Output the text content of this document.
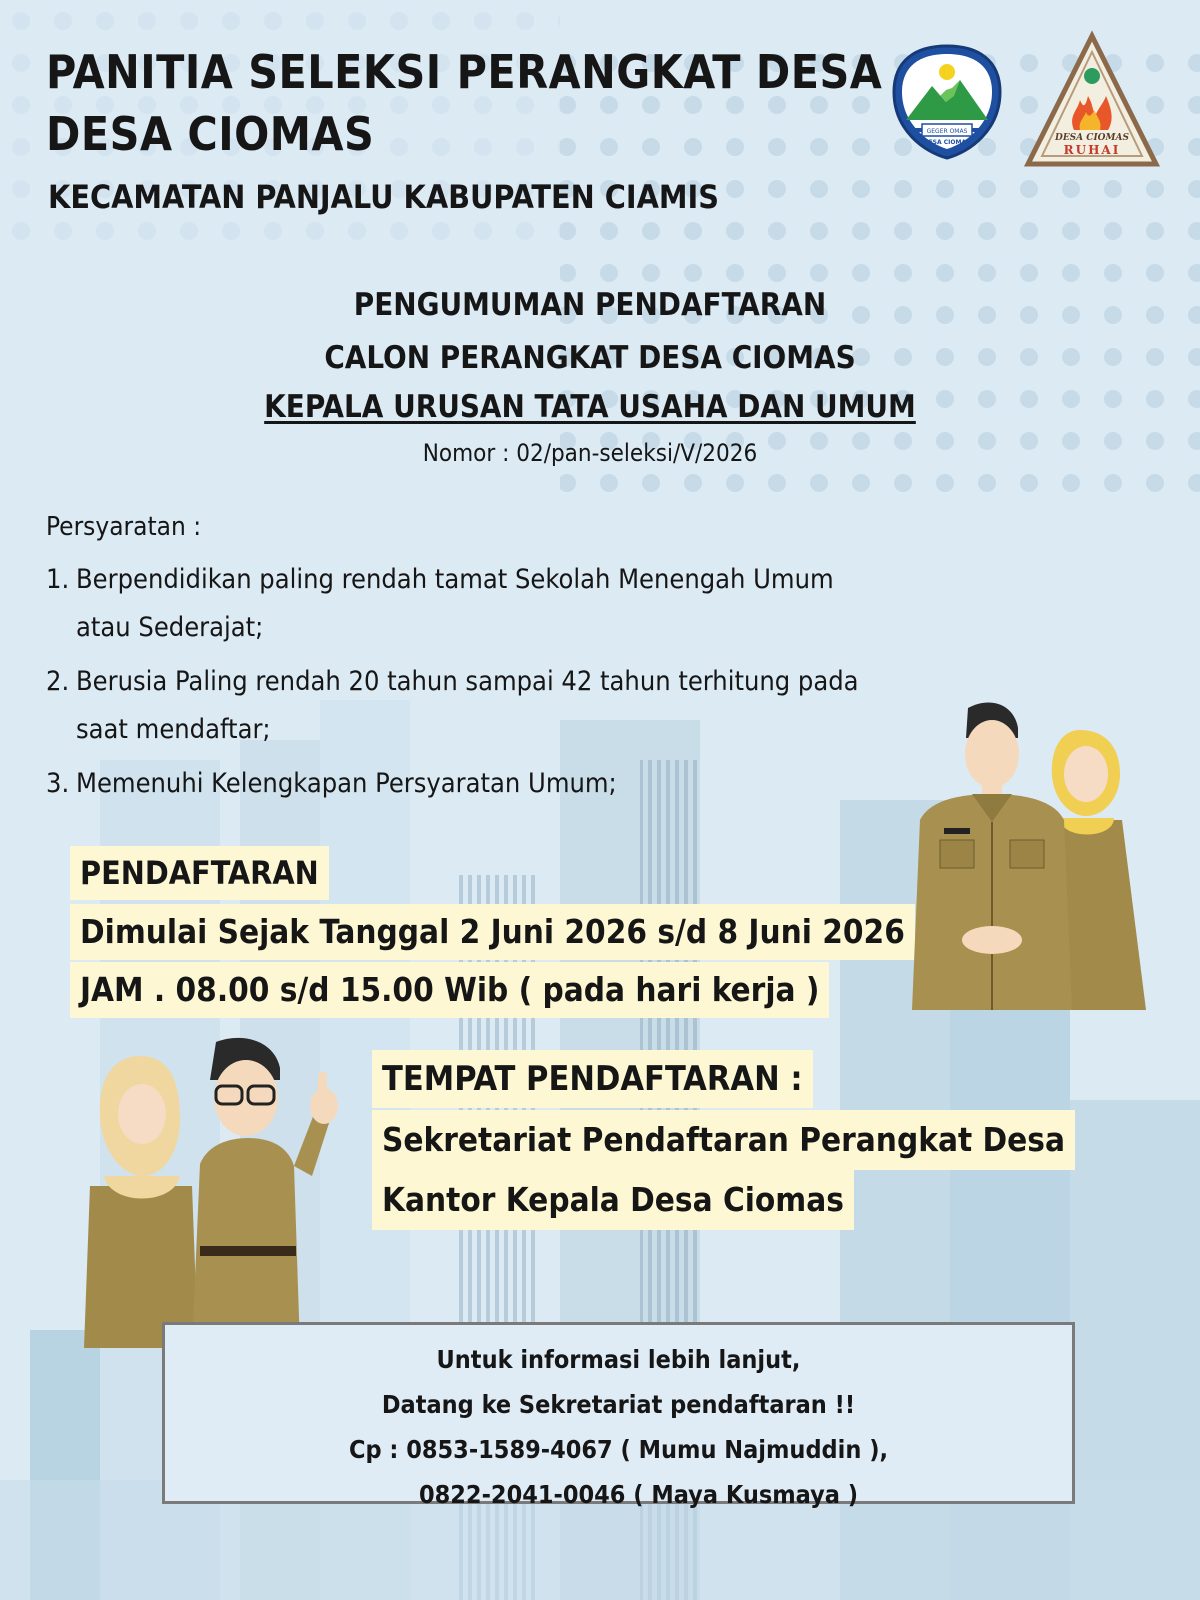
PANITIA SELEKSI PERANGKAT DESA
DESA CIOMAS
KECAMATAN PANJALU KABUPATEN CIAMIS
GEGER OMAS
DESA CIOMAS	DESA CIOMAS
RUHAI
PENGUMUMAN PENDAFTARAN
CALON PERANGKAT DESA CIOMAS
KEPALA URUSAN TATA USAHA DAN UMUM
Nomor : 02/pan-seleksi/V/2026
Persyaratan :
1. Berpendidikan paling rendah tamat Sekolah Menengah Umum
atau Sederajat;
2. Berusia Paling rendah 20 tahun sampai 42 tahun terhitung pada
saat mendaftar;
3. Memenuhi Kelengkapan Persyaratan Umum;
PENDAFTARAN
Dimulai Sejak Tanggal 2 Juni 2026 s/d 8 Juni 2026
JAM . 08.00 s/d 15.00 Wib ( pada hari kerja )
TEMPAT PENDAFTARAN :
Sekretariat Pendaftaran Perangkat Desa
Kantor Kepala Desa Ciomas
Untuk informasi lebih lanjut,
Datang ke Sekretariat pendaftaran !!
Cp : 0853-1589-4067 ( Mumu Najmuddin ),
0822-2041-0046 ( Maya Kusmaya )
